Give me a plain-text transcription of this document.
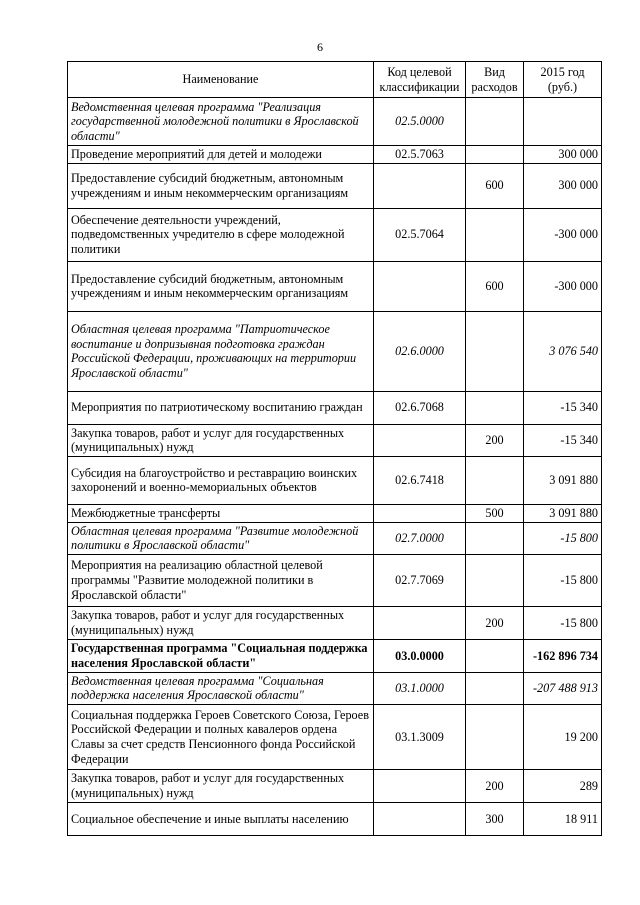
6
Наименование	Код целевой классификации	Вид расходов	2015 год (руб.)
Ведомственная целевая программа "Реализация государственной молодежной политики в Ярославской области"	02.5.0000		
Проведение мероприятий для детей и молодежи	02.5.7063		300 000
Предоставление субсидий бюджетным, автономным учреждениям и иным некоммерческим организациям		600	300 000
Обеспечение деятельности учреждений, подведомственных учредителю в сфере молодежной политики	02.5.7064		-300 000
Предоставление субсидий бюджетным, автономным учреждениям и иным некоммерческим организациям		600	-300 000
Областная целевая программа "Патриотическое воспитание и допризывная подготовка граждан Российской Федерации, проживающих на территории Ярославской области"	02.6.0000		3 076 540
Мероприятия по патриотическому воспитанию граждан	02.6.7068		-15 340
Закупка товаров, работ и услуг для государственных (муниципальных) нужд		200	-15 340
Субсидия на благоустройство и реставрацию воинских захоронений и военно-мемориальных объектов	02.6.7418		3 091 880
Межбюджетные трансферты		500	3 091 880
Областная целевая программа "Развитие молодежной политики в Ярославской области"	02.7.0000		-15 800
Мероприятия на реализацию областной целевой программы "Развитие молодежной политики в Ярославской области"	02.7.7069		-15 800
Закупка товаров, работ и услуг для государственных (муниципальных) нужд		200	-15 800
Государственная программа "Социальная поддержка населения Ярославской области"	03.0.0000		-162 896 734
Ведомственная целевая программа "Социальная поддержка населения Ярославской области"	03.1.0000		-207 488 913
Социальная поддержка Героев Советского Союза, Героев Российской Федерации и полных кавалеров ордена Славы за счет средств Пенсионного фонда Российской Федерации	03.1.3009		19 200
Закупка товаров, работ и услуг для государственных (муниципальных) нужд		200	289
Социальное обеспечение и иные выплаты населению		300	18 911
